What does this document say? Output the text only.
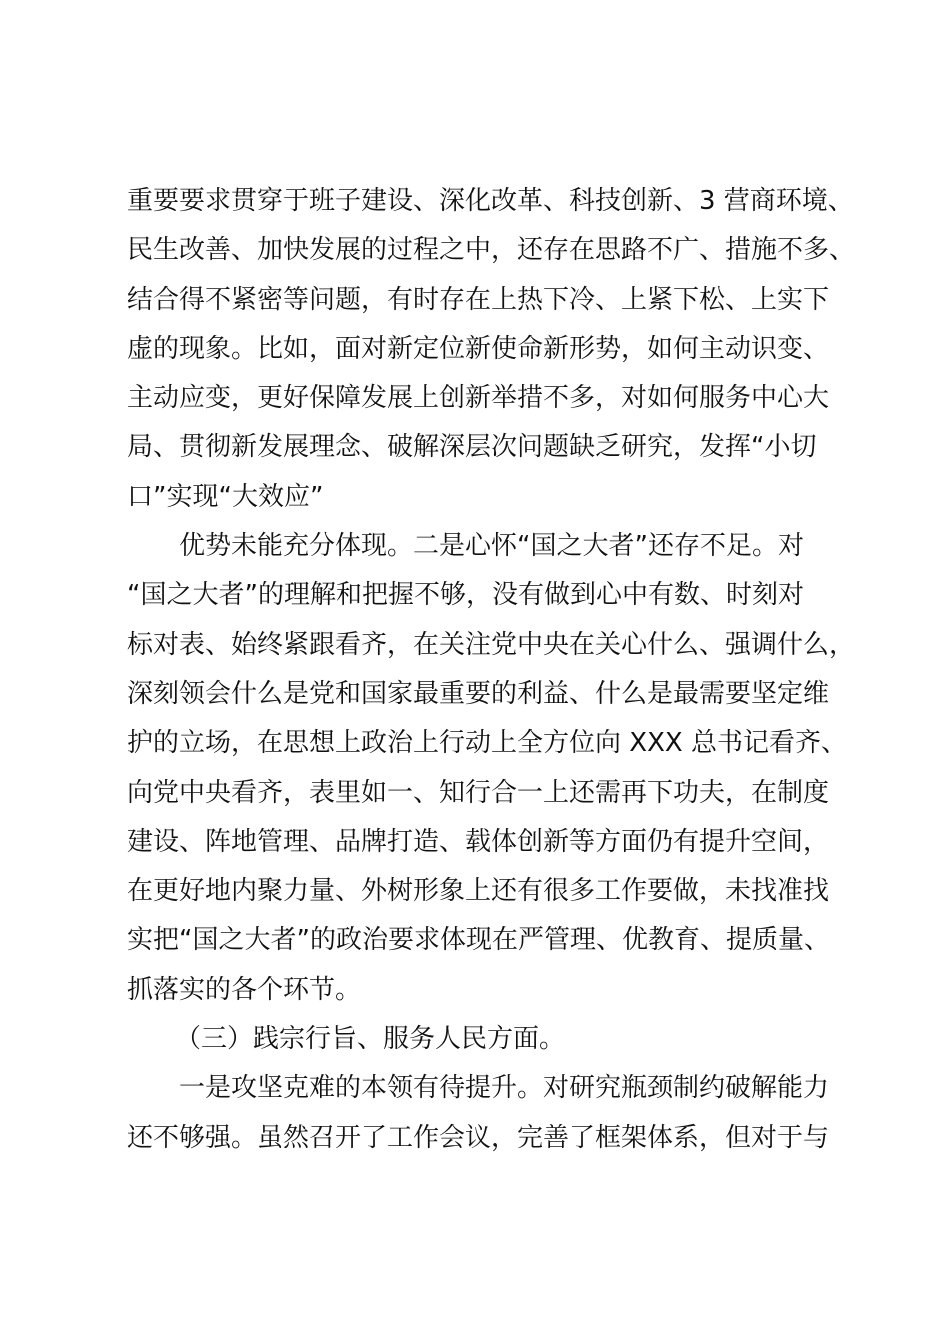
重要要求贯穿于班子建设、深化改革、科技创新、3 营商环境、
民生改善、加快发展的过程之中，还存在思路不广、措施不多、
结合得不紧密等问题，有时存在上热下冷、上紧下松、上实下
虚的现象。比如，面对新定位新使命新形势，如何主动识变、
主动应变，更好保障发展上创新举措不多，对如何服务中心大
局、贯彻新发展理念、破解深层次问题缺乏研究，发挥“小切
口”实现“大效应”
优势未能充分体现。二是心怀“国之大者”还存不足。对
“国之大者”的理解和把握不够，没有做到心中有数、时刻对
标对表、始终紧跟看齐，在关注党中央在关心什么、强调什么，
深刻领会什么是党和国家最重要的利益、什么是最需要坚定维
护的立场，在思想上政治上行动上全方位向 XXX 总书记看齐、
向党中央看齐，表里如一、知行合一上还需再下功夫，在制度
建设、阵地管理、品牌打造、载体创新等方面仍有提升空间，
在更好地内聚力量、外树形象上还有很多工作要做，未找准找
实把“国之大者”的政治要求体现在严管理、优教育、提质量、
抓落实的各个环节。
（三）践宗行旨、服务人民方面。
一是攻坚克难的本领有待提升。对研究瓶颈制约破解能力
还不够强。虽然召开了工作会议，完善了框架体系，但对于与
